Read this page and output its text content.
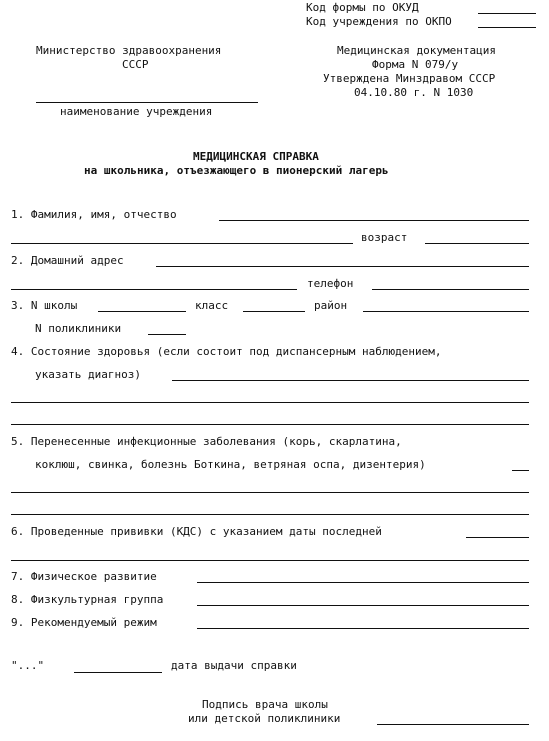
Код формы по ОКУД
Код учреждения по ОКПО
Министерство здравоохранения
СССР
наименование учреждения
Медицинская документация
Форма N 079/у
Утверждена Минздравом СССР
04.10.80 г. N 1030
МЕДИЦИНСКАЯ СПРАВКА
на школьника, отъезжающего в пионерский лагерь
1. Фамилия, имя, отчество
возраст
2. Домашний адрес
телефон
3. N школы	класс	район
N поликлиники
4. Состояние здоровья (если состоит под диспансерным наблюдением,
указать диагноз)
5. Перенесенные инфекционные заболевания (корь, скарлатина,
коклюш, свинка, болезнь Боткина, ветряная оспа, дизентерия)
6. Проведенные прививки (КДС) с указанием даты последней
7. Физическое развитие
8. Физкультурная группа
9. Рекомендуемый режим
"..."	дата выдачи справки
Подпись врача школы
или детской поликлиники
